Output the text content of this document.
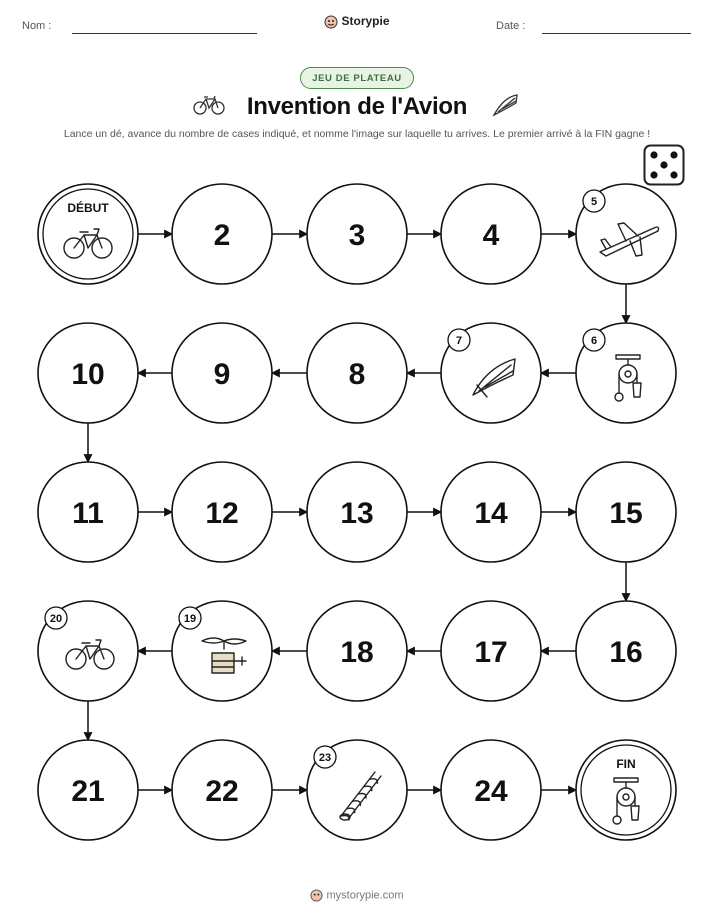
Nom :	Storypie	Date :
JEU DE PLATEAU
Invention de l'Avion
Lance un dé, avance du nombre de cases indiqué, et nomme l'image sur laquelle tu arrives. Le premier arrivé à la FIN gagne !
DÉBUT
2	3	4
5
6
7
8
9
10
11	12	13	14	15
16
17
18
19
20
21	22
23
24
FIN
mystorypie.com
